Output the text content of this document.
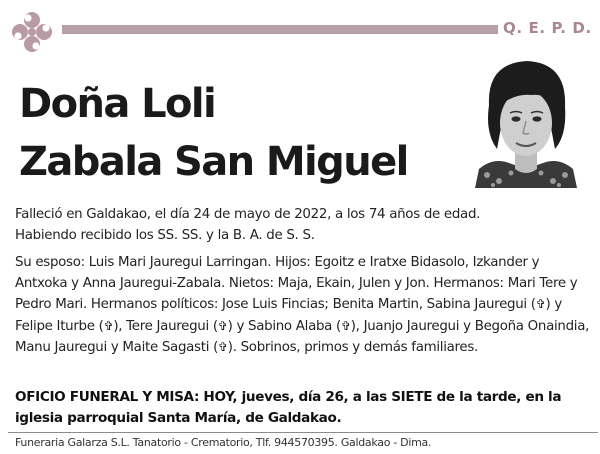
Q. E. P. D.
Doña Loli
Zabala San Miguel
Falleció en Galdakao, el día 24 de mayo de 2022, a los 74 años de edad.
Habiendo recibido los SS. SS. y la B. A. de S. S.
Su esposo: Luis Mari Jauregui Larringan. Hijos: Egoitz e Iratxe Bidasolo, Izkander y Antxoka y Anna Jauregui-Zabala. Nietos: Maja, Ekain, Julen y Jon. Hermanos: Mari Tere y Pedro Mari. Hermanos políticos: Jose Luis Fincias; Benita Martin, Sabina Jauregui (✞) y Felipe Iturbe (✞), Tere Jauregui (✞) y Sabino Alaba (✞), Juanjo Jauregui y Begoña Onaindia, Manu Jauregui y Maite Sagasti (✞). Sobrinos, primos y demás familiares.
OFICIO FUNERAL Y MISA: HOY, jueves, día 26, a las SIETE de la tarde, en la iglesia parroquial Santa María, de Galdakao.
Funeraria Galarza S.L. Tanatorio - Crematorio, Tlf. 944570395. Galdakao - Dima.
